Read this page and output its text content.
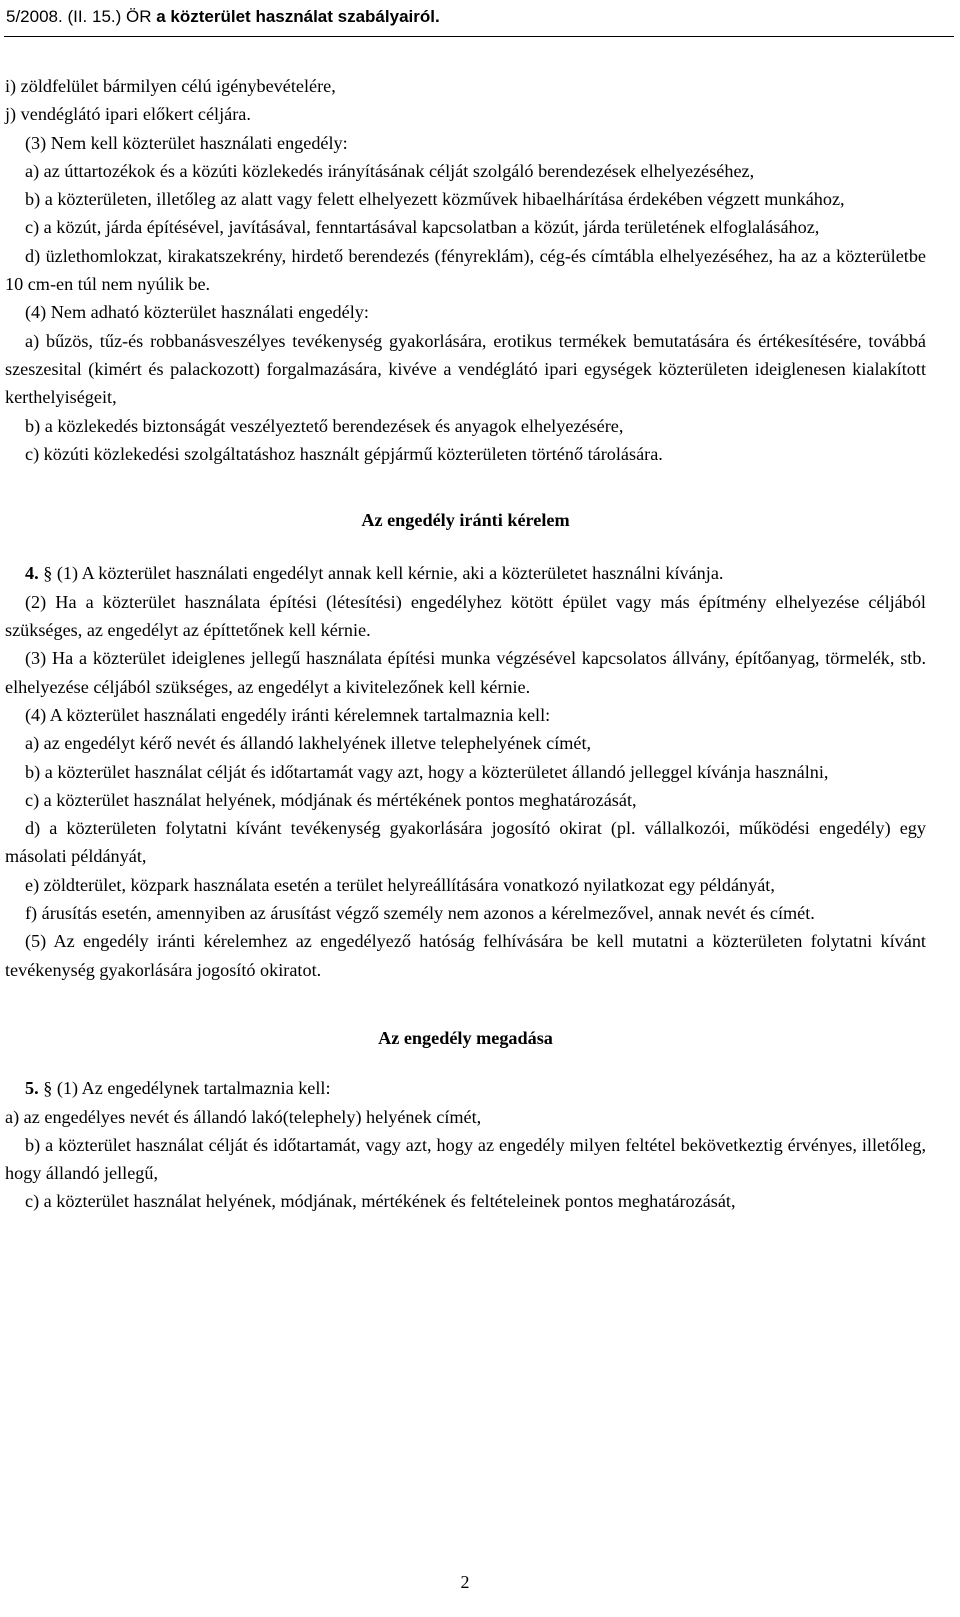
5/2008. (II. 15.) ÖR a közterület használat szabályairól.

i) zöldfelület bármilyen célú igénybevételére,

j) vendéglátó ipari előkert céljára.

(3) Nem kell közterület használati engedély:

a) az úttartozékok és a közúti közlekedés irányításának célját szolgáló berendezések elhelyezéséhez,

b) a közterületen, illetőleg az alatt vagy felett elhelyezett közművek hibaelhárítása érdekében végzett munkához,

c) a közút, járda építésével, javításával, fenntartásával kapcsolatban a közút, járda területének elfoglalásához,

d) üzlethomlokzat, kirakatszekrény, hirdető berendezés (fényreklám), cég-és címtábla elhelyezéséhez, ha az a közterületbe 10 cm-en túl nem nyúlik be.

(4) Nem adható közterület használati engedély:

a) bűzös, tűz-és robbanásveszélyes tevékenység gyakorlására, erotikus termékek bemutatására és értékesítésére, továbbá szeszesital (kimért és palackozott) forgalmazására, kivéve a vendéglátó ipari egységek közterületen ideiglenesen kialakított kerthelyiségeit,

b) a közlekedés biztonságát veszélyeztető berendezések és anyagok elhelyezésére,

c) közúti közlekedési szolgáltatáshoz használt gépjármű közterületen történő tárolására.

Az engedély iránti kérelem

4. § (1) A közterület használati engedélyt annak kell kérnie, aki a közterületet használni kívánja.

(2) Ha a közterület használata építési (létesítési) engedélyhez kötött épület vagy más építmény elhelyezése céljából szükséges, az engedélyt az építtetőnek kell kérnie.

(3) Ha a közterület ideiglenes jellegű használata építési munka végzésével kapcsolatos állvány, építőanyag, törmelék, stb. elhelyezése céljából szükséges, az engedélyt a kivitelezőnek kell kérnie.

(4) A közterület használati engedély iránti kérelemnek tartalmaznia kell:

a) az engedélyt kérő nevét és állandó lakhelyének illetve telephelyének címét,

b) a közterület használat célját és időtartamát vagy azt, hogy a közterületet állandó jelleggel kívánja használni,

c) a közterület használat helyének, módjának és mértékének pontos meghatározását,

d) a közterületen folytatni kívánt tevékenység gyakorlására jogosító okirat (pl. vállalkozói, működési engedély) egy másolati példányát,

e) zöldterület, közpark használata esetén a terület helyreállítására vonatkozó nyilatkozat egy példányát,

f) árusítás esetén, amennyiben az árusítást végző személy nem azonos a kérelmezővel, annak nevét és címét.

(5) Az engedély iránti kérelemhez az engedélyező hatóság felhívására be kell mutatni a közterületen folytatni kívánt tevékenység gyakorlására jogosító okiratot.

Az engedély megadása

5. § (1) Az engedélynek tartalmaznia kell:

a) az engedélyes nevét és állandó lakó(telephely) helyének címét,

b) a közterület használat célját és időtartamát, vagy azt, hogy az engedély milyen feltétel bekövetkeztig érvényes, illetőleg, hogy állandó jellegű,

c) a közterület használat helyének, módjának, mértékének és feltételeinek pontos meghatározását,

2
